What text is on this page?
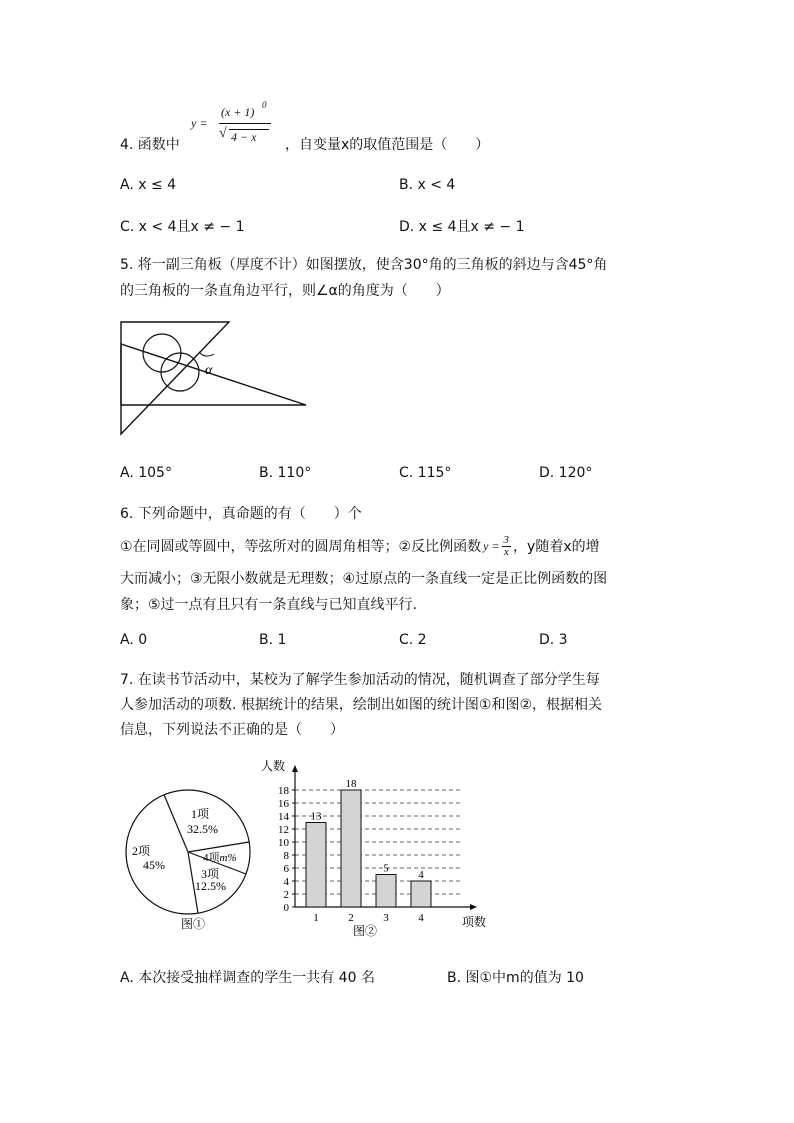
4. 函数中
y =
(x + 1) 0
√ 4 − x ，自变量x的取值范围是（　　）
A. x ≤ 4	B. x < 4
C. x < 4且x ≠ − 1	D. x ≤ 4且x ≠ − 1
5. 将一副三角板（厚度不计）如图摆放，使含30°角的三角板的斜边与含45°角
的三角板的一条直角边平行，则∠α的角度为（　　）
α
A. 105°	B. 110°	C. 115°	D. 120°
6. 下列命题中，真命题的有（　　）个
①在同圆或等圆中，等弦所对的圆周角相等；②反比例函数 $y = \frac{3}{x}$ ，y随着x的增
大而减小；③无限小数就是无理数；④过原点的一条直线一定是正比例函数的图
象；⑤过一点有且只有一条直线与已知直线平行.
A. 0	B. 1	C. 2	D. 3
7. 在读书节活动中，某校为了解学生参加活动的情况，随机调查了部分学生每
人参加活动的项数. 根据统计的结果，绘制出如图的统计图①和图②，根据相关
信息，下列说法不正确的是（　　）
1项
32.5%
4项m%
3项
12.5%
2项
45%
图①
0
2
4
6
8
10
12
14
16
18
人数
项数
13
1
18
2
5
3
4
4
图②
A. 本次接受抽样调查的学生一共有 40 名	B. 图①中m的值为 10
